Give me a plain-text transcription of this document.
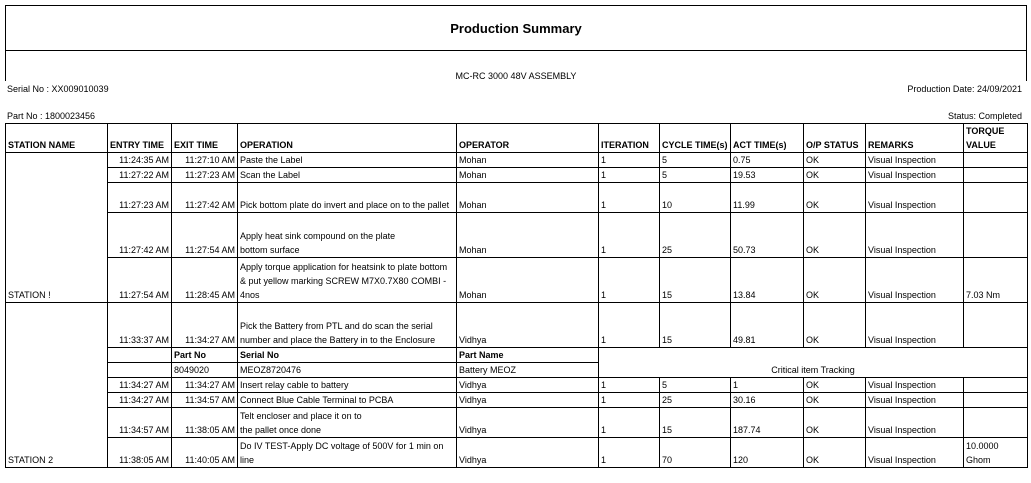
Production Summary
MC-RC 3000 48V ASSEMBLY
Serial No : XX009010039	Production Date: 24/09/2021
Part No : 1800023456	Status: Completed
STATION NAME	ENTRY TIME	EXIT TIME	OPERATION	OPERATOR	ITERATION	CYCLE TIME(s)	ACT TIME(s)	O/P STATUS	REMARKS	TORQUE VALUE
STATION !	11:24:35 AM	11:27:10 AM	Paste the Label	Mohan	1	5	0.75	OK	Visual Inspection	
	11:27:22 AM	11:27:23 AM	Scan the Label	Mohan	1	5	19.53	OK	Visual Inspection	
	11:27:23 AM	11:27:42 AM	Pick bottom plate do invert and place on to the pallet	Mohan	1	10	11.99	OK	Visual Inspection	
	11:27:42 AM	11:27:54 AM	Apply heat sink compound on the plate bottom surface	Mohan	1	25	50.73	OK	Visual Inspection	
	11:27:54 AM	11:28:45 AM	Apply torque application for heatsink to plate bottom & put yellow marking SCREW M7X0.7X80 COMBI - 4nos	Mohan	1	15	13.84	OK	Visual Inspection	7.03 Nm
STATION 2	11:33:37 AM	11:34:27 AM	Pick the Battery from PTL and do scan the serial number and place the Battery in to the Enclosure	Vidhya	1	15	49.81	OK	Visual Inspection	
		Part No	Serial No	Part Name	Critical item Tracking					
		8049020	MEOZ8720476	Battery MEOZ						
	11:34:27 AM	11:34:27 AM	Insert relay cable to battery	Vidhya	1	5	1	OK	Visual Inspection	
	11:34:27 AM	11:34:57 AM	Connect Blue Cable Terminal to PCBA	Vidhya	1	25	30.16	OK	Visual Inspection	
	11:34:57 AM	11:38:05 AM	Telt encloser and place it on to the pallet once done	Vidhya	1	15	187.74	OK	Visual Inspection	
	11:38:05 AM	11:40:05 AM	Do IV TEST-Apply DC voltage of 500V for 1 min on line	Vidhya	1	70	120	OK	Visual Inspection	10.0000 Ghom
